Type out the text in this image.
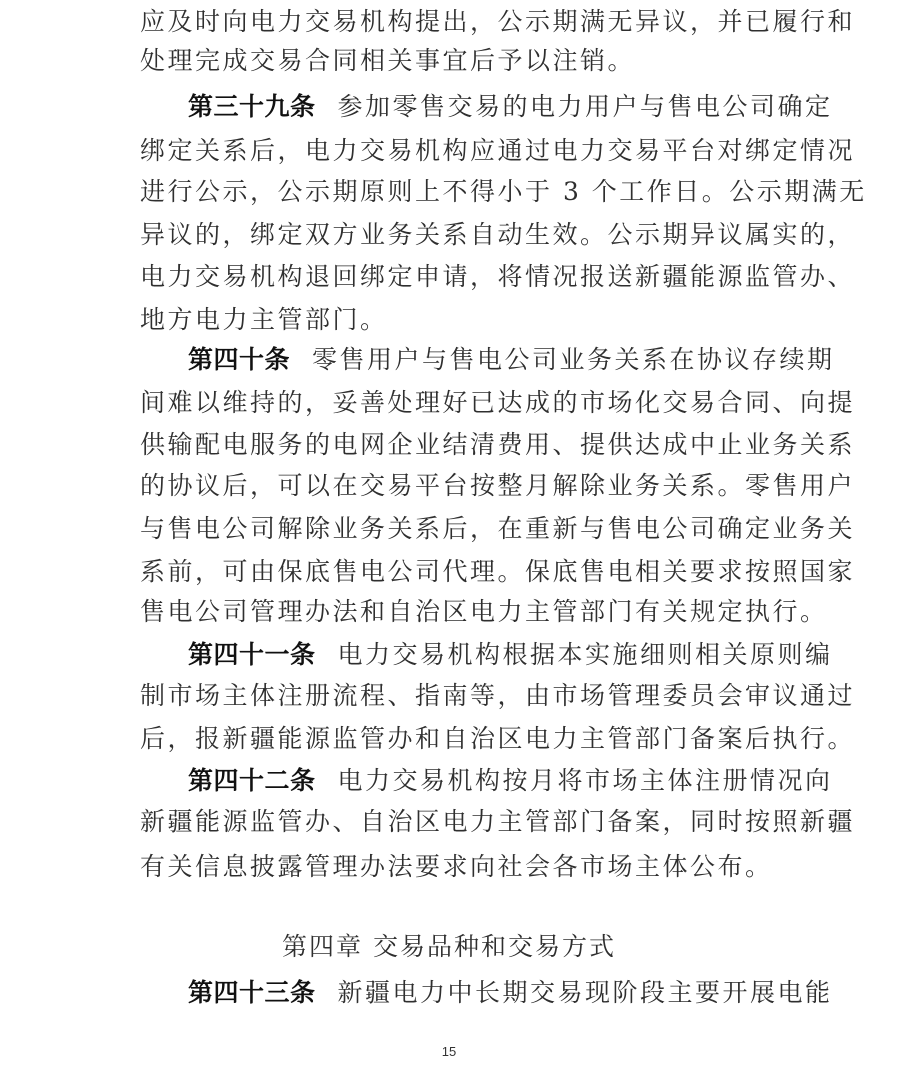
应及时向电力交易机构提出，公示期满无异议，并已履行和
处理完成交易合同相关事宜后予以注销。
第三十九条 参加零售交易的电力用户与售电公司确定
绑定关系后，电力交易机构应通过电力交易平台对绑定情况
进行公示，公示期原则上不得小于 3 个工作日。公示期满无
异议的，绑定双方业务关系自动生效。公示期异议属实的，
电力交易机构退回绑定申请，将情况报送新疆能源监管办、
地方电力主管部门。
第四十条 零售用户与售电公司业务关系在协议存续期
间难以维持的，妥善处理好已达成的市场化交易合同、向提
供输配电服务的电网企业结清费用、提供达成中止业务关系
的协议后，可以在交易平台按整月解除业务关系。零售用户
与售电公司解除业务关系后，在重新与售电公司确定业务关
系前，可由保底售电公司代理。保底售电相关要求按照国家
售电公司管理办法和自治区电力主管部门有关规定执行。
第四十一条 电力交易机构根据本实施细则相关原则编
制市场主体注册流程、指南等，由市场管理委员会审议通过
后，报新疆能源监管办和自治区电力主管部门备案后执行。
第四十二条 电力交易机构按月将市场主体注册情况向
新疆能源监管办、自治区电力主管部门备案，同时按照新疆
有关信息披露管理办法要求向社会各市场主体公布。
第四章 交易品种和交易方式
第四十三条 新疆电力中长期交易现阶段主要开展电能
15
